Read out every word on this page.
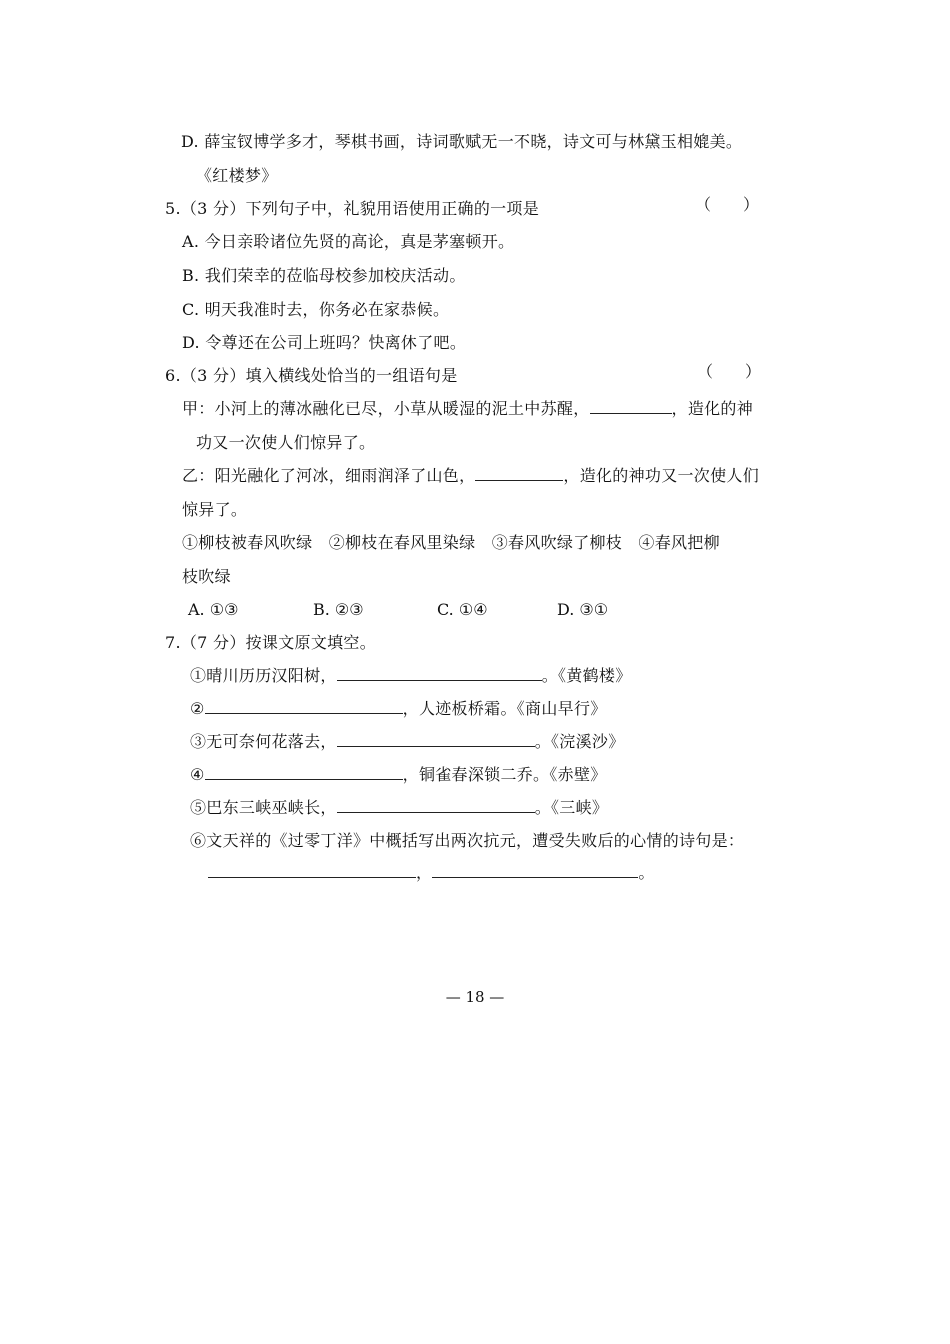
D. 薛宝钗博学多才，琴棋书画，诗词歌赋无一不晓，诗文可与林黛玉相媲美。
《红楼梦》
5.（3 分）下列句子中，礼貌用语使用正确的一项是	（　　）
A. 今日亲聆诸位先贤的高论，真是茅塞顿开。
B. 我们荣幸的莅临母校参加校庆活动。
C. 明天我准时去，你务必在家恭候。
D. 令尊还在公司上班吗？快离休了吧。
6.（3 分）填入横线处恰当的一组语句是	（　　）
甲：小河上的薄冰融化已尽，小草从暖湿的泥土中苏醒，	，造化的神
功又一次使人们惊异了。
乙：阳光融化了河冰，细雨润泽了山色，	，造化的神功又一次使人们
惊异了。
①柳枝被春风吹绿　②柳枝在春风里染绿　③春风吹绿了柳枝　④春风把柳
枝吹绿
A. ①③	B. ②③	C. ①④	D. ③①
7.（7 分）按课文原文填空。
①晴川历历汉阳树，	。《黄鹤楼》
②	，人迹板桥霜。《商山早行》
③无可奈何花落去，	。《浣溪沙》
④	，铜雀春深锁二乔。《赤壁》
⑤巴东三峡巫峡长，	。《三峡》
⑥文天祥的《过零丁洋》中概括写出两次抗元，遭受失败后的心情的诗句是：
，	。
— 18 —
